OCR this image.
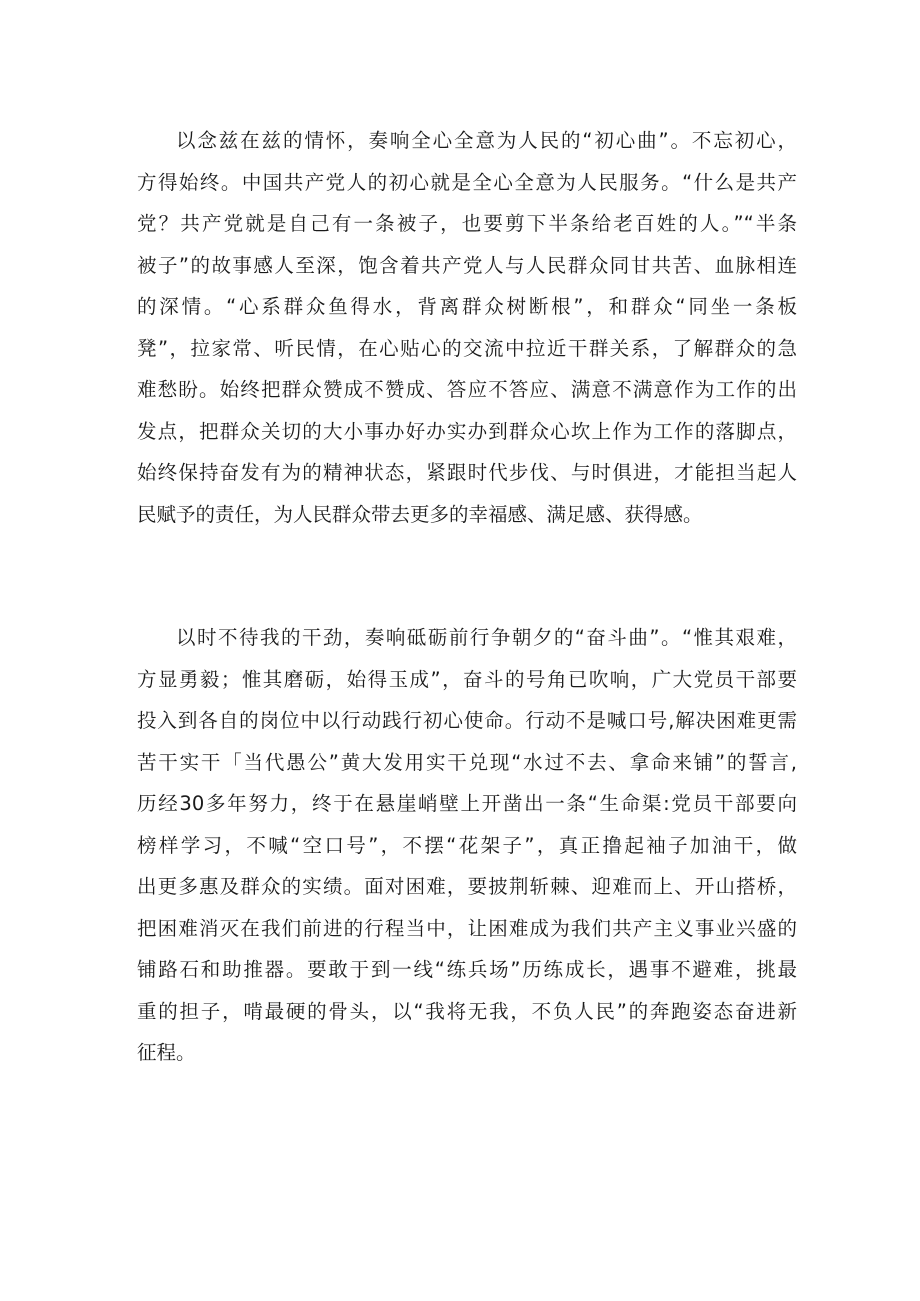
以念兹在兹的情怀，奏响全心全意为人民的“初心曲”。不忘初心，
方得始终。中国共产党人的初心就是全心全意为人民服务。“什么是共产
党？共产党就是自己有一条被子，也要剪下半条给老百姓的人。”“半条
被子”的故事感人至深，饱含着共产党人与人民群众同甘共苦、血脉相连
的深情。“心系群众鱼得水，背离群众树断根”，和群众“同坐一条板
凳”，拉家常、听民情，在心贴心的交流中拉近干群关系，了解群众的急
难愁盼。始终把群众赞成不赞成、答应不答应、满意不满意作为工作的出
发点，把群众关切的大小事办好办实办到群众心坎上作为工作的落脚点，
始终保持奋发有为的精神状态，紧跟时代步伐、与时俱进，才能担当起人
民赋予的责任，为人民群众带去更多的幸福感、满足感、获得感。
以时不待我的干劲，奏响砥砺前行争朝夕的“奋斗曲”。“惟其艰难，
方显勇毅；惟其磨砺，始得玉成”，奋斗的号角已吹响，广大党员干部要
投入到各自的岗位中以行动践行初心使命。行动不是喊口号,解决困难更需
苦干实干「当代愚公”黄大发用实干兑现“水过不去、拿命来铺”的誓言,
历经30多年努力，终于在悬崖峭壁上开凿出一条“生命渠:党员干部要向
榜样学习，不喊“空口号”，不摆“花架子”，真正撸起袖子加油干，做
出更多惠及群众的实绩。面对困难，要披荆斩棘、迎难而上、开山搭桥，
把困难消灭在我们前进的行程当中，让困难成为我们共产主义事业兴盛的
铺路石和助推器。要敢于到一线“练兵场”历练成长，遇事不避难，挑最
重的担子，啃最硬的骨头，以“我将无我，不负人民”的奔跑姿态奋进新
征程。
